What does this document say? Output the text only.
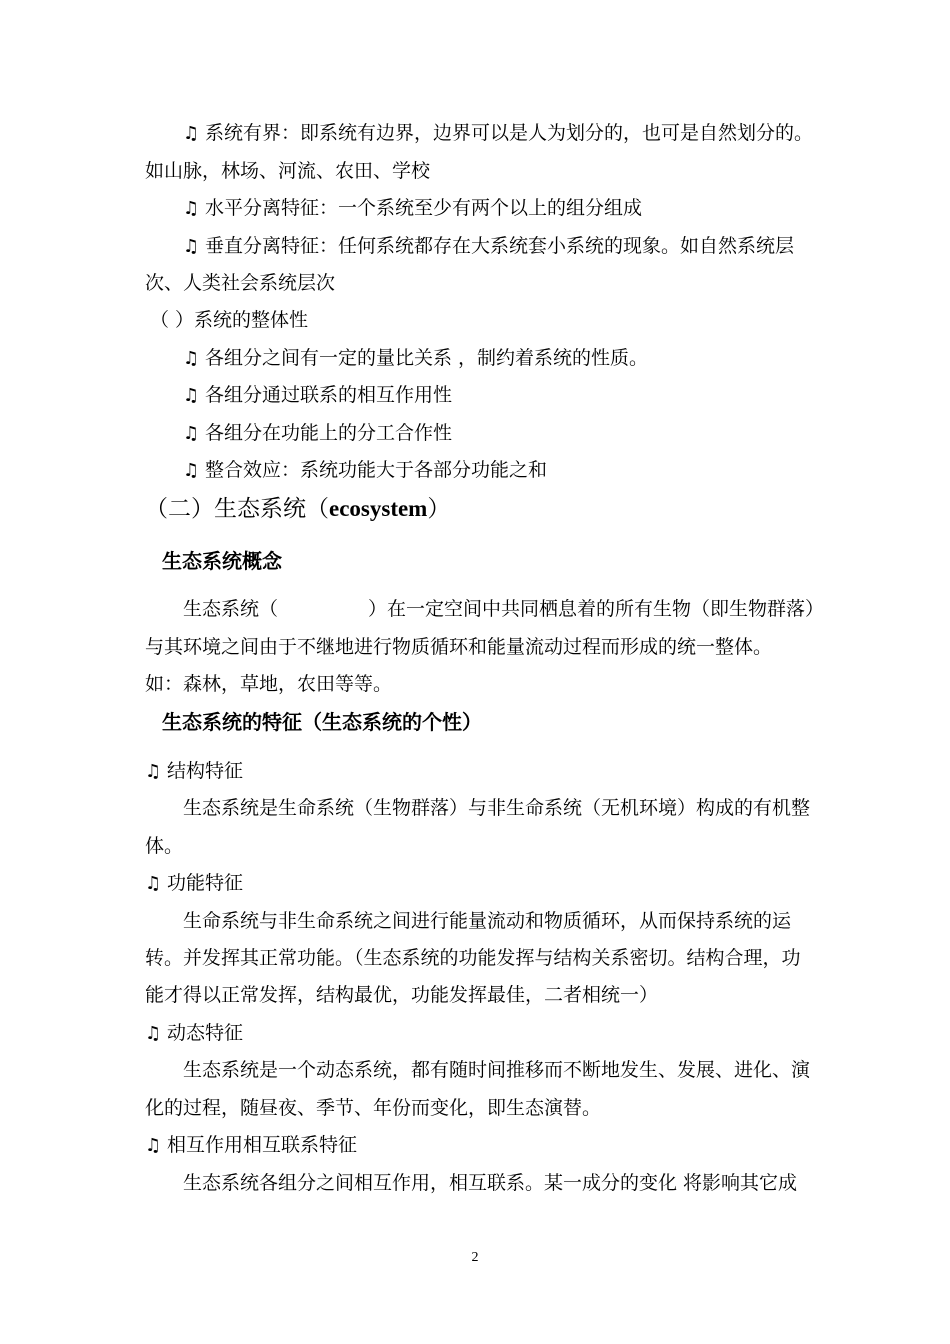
♫ 系统有界：即系统有边界，边界可以是人为划分的，也可是自然划分的。
如山脉，林场、河流、农田、学校
♫ 水平分离特征：一个系统至少有两个以上的组分组成
♫ 垂直分离特征：任何系统都存在大系统套小系统的现象。如自然系统层
次、人类社会系统层次
（ ）系统的整体性
♫ 各组分之间有一定的量比关系 ，制约着系统的性质。
♫ 各组分通过联系的相互作用性
♫ 各组分在功能上的分工合作性
♫ 整合效应：系统功能大于各部分功能之和
（二）生态系统（ecosystem）
生态系统概念
生态系统（	）在一定空间中共同栖息着的所有生物（即生物群落）
与其环境之间由于不继地进行物质循环和能量流动过程而形成的统一整体。
如：森林，草地，农田等等。
生态系统的特征（生态系统的个性）
♫ 结构特征
生态系统是生命系统（生物群落）与非生命系统（无机环境）构成的有机整
体。
♫ 功能特征
生命系统与非生命系统之间进行能量流动和物质循环，从而保持系统的运
转。并发挥其正常功能。（生态系统的功能发挥与结构关系密切。结构合理，功
能才得以正常发挥，结构最优，功能发挥最佳，二者相统一）
♫ 动态特征
生态系统是一个动态系统，都有随时间推移而不断地发生、发展、进化、演
化的过程，随昼夜、季节、年份而变化，即生态演替。
♫ 相互作用相互联系特征
生态系统各组分之间相互作用，相互联系。某一成分的变化 将影响其它成
2
